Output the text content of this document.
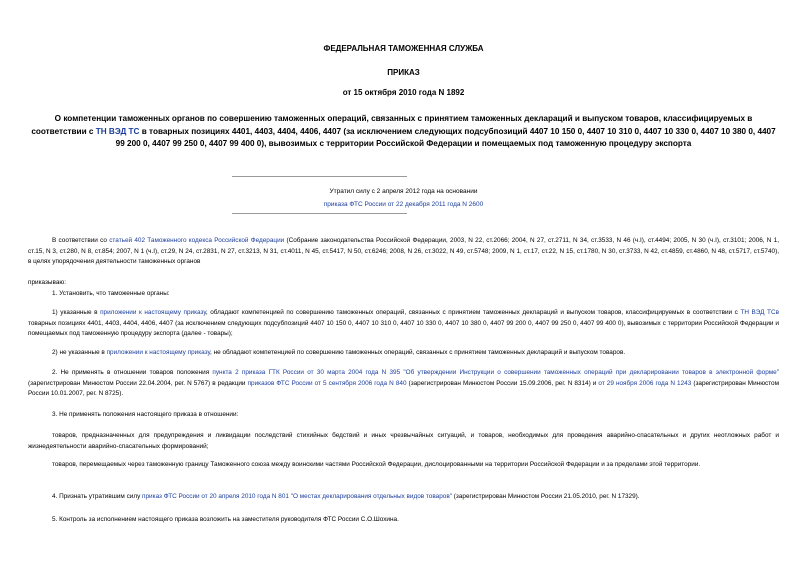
ФЕДЕРАЛЬНАЯ ТАМОЖЕННАЯ СЛУЖБА
ПРИКАЗ
от 15 октября 2010 года N 1892
О компетенции таможенных органов по совершению таможенных операций, связанных с принятием таможенных деклараций и выпуском товаров, классифицируемых в соответствии с ТН ВЭД ТС в товарных позициях 4401, 4403, 4404, 4406, 4407 (за исключением следующих подсубпозиций 4407 10 150 0, 4407 10 310 0, 4407 10 330 0, 4407 10 380 0, 4407 99 200 0, 4407 99 250 0, 4407 99 400 0), вывозимых с территории Российской Федерации и помещаемых под таможенную процедуру экспорта
Утратил силу с 2 апреля 2012 года на основании
приказа ФТС России от 22 декабря 2011 года N 2600
В соответствии со статьей 402 Таможенного кодекса Российской Федерации (Собрание законодательства Российской Федерации, 2003, N 22, ст.2066; 2004, N 27, ст.2711, N 34, ст.3533, N 46 (ч.I), ст.4494; 2005, N 30 (ч.I), ст.3101; 2006, N 1, ст.15, N 3, ст.280, N 8, ст.854; 2007, N 1 (ч.I), ст.29, N 24, ст.2831, N 27, ст.3213, N 31, ст.4011, N 45, ст.5417, N 50, ст.6246; 2008, N 26, ст.3022, N 49, ст.5748; 2009, N 1, ст.17, ст.22, N 15, ст.1780, N 30, ст.3733, N 42, ст.4859, ст.4860, N 48, ст.5717, ст.5740), в целях упорядочения деятельности таможенных органов
приказываю:
1. Установить, что таможенные органы:
1) указанные в приложении к настоящему приказу, обладают компетенцией по совершению таможенных операций, связанных с принятием таможенных деклараций и выпуском товаров, классифицируемых в соответствии с ТН ВЭД ТСв товарных позициях 4401, 4403, 4404, 4406, 4407 (за исключением следующих подсубпозиций 4407 10 150 0, 4407 10 310 0, 4407 10 330 0, 4407 10 380 0, 4407 99 200 0, 4407 99 250 0, 4407 99 400 0), вывозимых с территории Российской Федерации и помещаемых под таможенную процедуру экспорта (далее - товары);
2) не указанные в приложении к настоящему приказу, не обладают компетенцией по совершению таможенных операций, связанных с принятием таможенных деклараций и выпуском товаров.
2. Не применять в отношении товаров положения пункта 2 приказа ГТК России от 30 марта 2004 года N 395 "Об утверждении Инструкции о совершении таможенных операций при декларировании товаров в электронной форме" (зарегистрирован Минюстом России 22.04.2004, рег. N 5767) в редакции приказов ФТС России от 5 сентября 2006 года N 840 (зарегистрирован Минюстом России 15.09.2006, рег. N 8314) и от 29 ноября 2006 года N 1243 (зарегистрирован Минюстом России 10.01.2007, рег. N 8725).
3. Не применять положения настоящего приказа в отношении:
товаров, предназначенных для предупреждения и ликвидации последствий стихийных бедствий и иных чрезвычайных ситуаций, и товаров, необходимых для проведения аварийно-спасательных и других неотложных работ и жизнедеятельности аварийно-спасательных формирований;
товаров, перемещаемых через таможенную границу Таможенного союза между воинскими частями Российской Федерации, дислоцированными на территории Российской Федерации и за пределами этой территории.
4. Признать утратившим силу приказ ФТС России от 20 апреля 2010 года N 801 "О местах декларирования отдельных видов товаров" (зарегистрирован Минюстом России 21.05.2010, рег. N 17329).
5. Контроль за исполнением настоящего приказа возложить на заместителя руководителя ФТС России С.О.Шохина.
